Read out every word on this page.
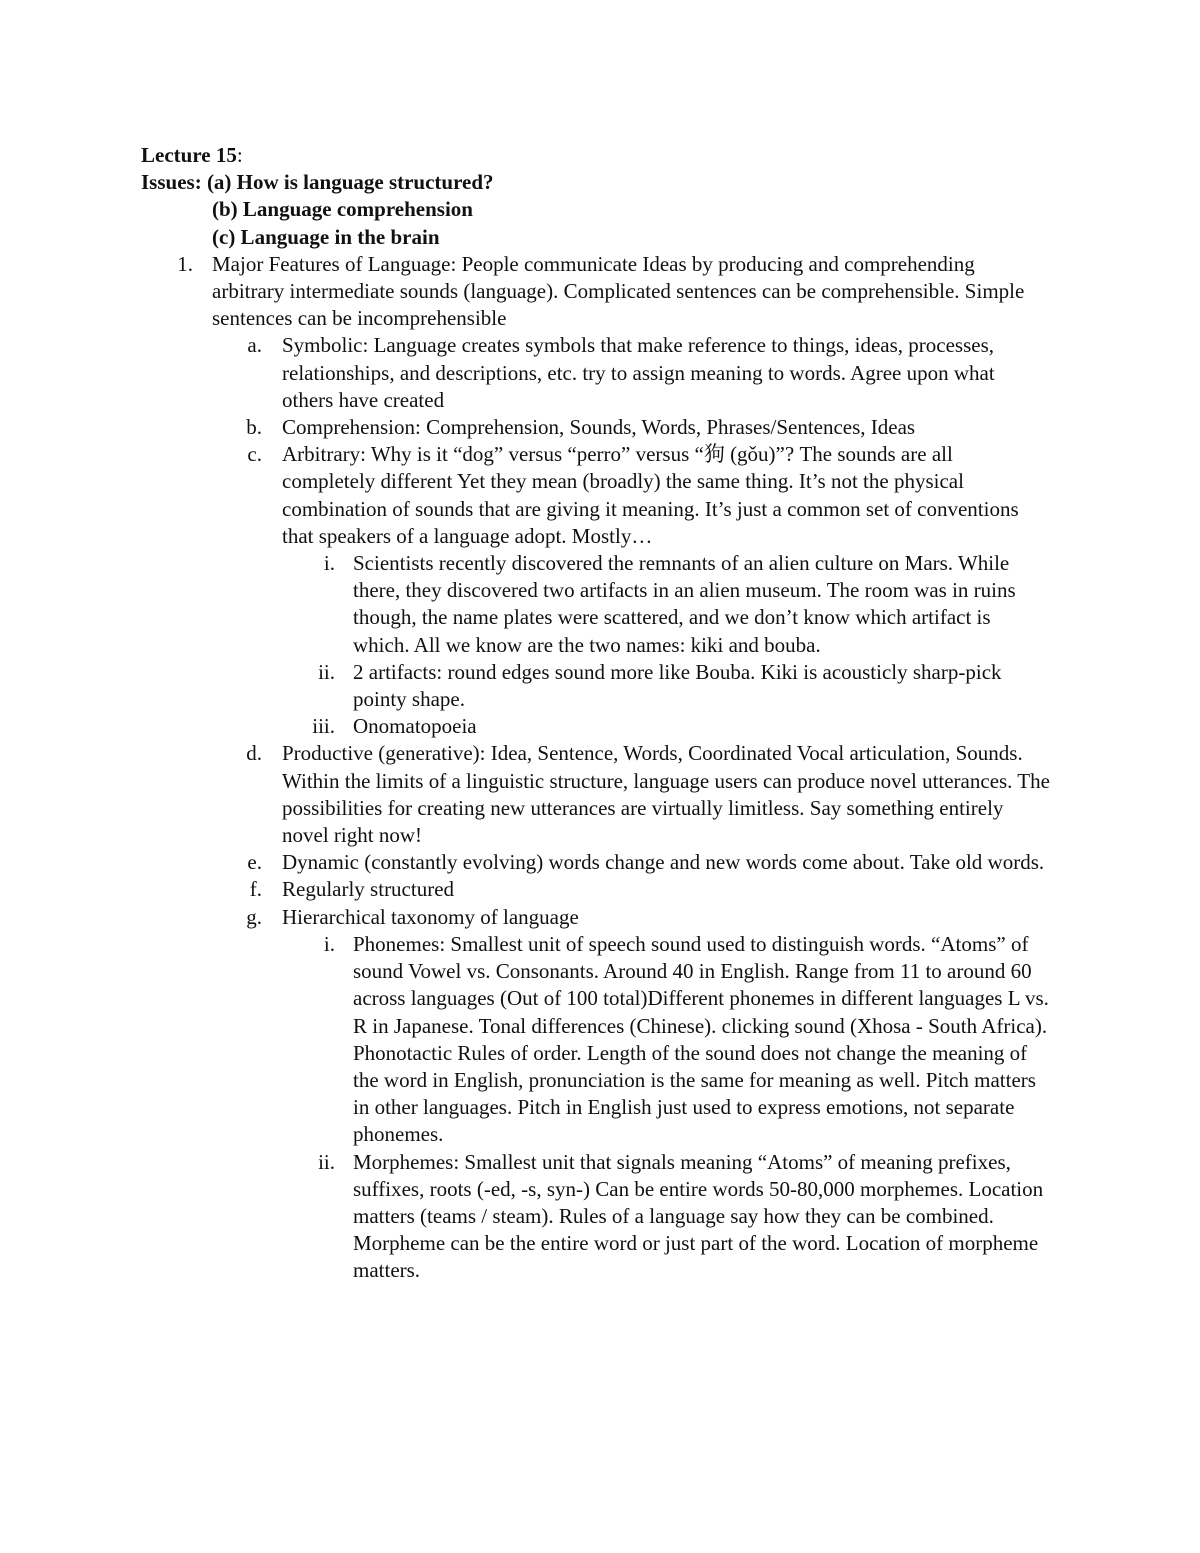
Lecture 15:
Issues: (a) How is language structured?
(b) Language comprehension
(c) Language in the brain
1. Major Features of Language: People communicate Ideas by producing and comprehending arbitrary intermediate sounds (language). Complicated sentences can be comprehensible. Simple sentences can be incomprehensible
a. Symbolic: Language creates symbols that make reference to things, ideas, processes, relationships, and descriptions, etc. try to assign meaning to words. Agree upon what others have created
b. Comprehension: Comprehension, Sounds, Words, Phrases/Sentences, Ideas
c. Arbitrary: Why is it “dog” versus “perro” versus “狗 (gǒu)”? The sounds are all completely different Yet they mean (broadly) the same thing. It’s not the physical combination of sounds that are giving it meaning. It’s just a common set of conventions that speakers of a language adopt. Mostly…
i. Scientists recently discovered the remnants of an alien culture on Mars. While there, they discovered two artifacts in an alien museum. The room was in ruins though, the name plates were scattered, and we don’t know which artifact is which. All we know are the two names: kiki and bouba.
ii. 2 artifacts: round edges sound more like Bouba. Kiki is acousticly sharp-pick pointy shape.
iii. Onomatopoeia
d. Productive (generative): Idea, Sentence, Words, Coordinated Vocal articulation, Sounds. Within the limits of a linguistic structure, language users can produce novel utterances. The possibilities for creating new utterances are virtually limitless. Say something entirely novel right now!
e. Dynamic (constantly evolving) words change and new words come about. Take old words.
f. Regularly structured
g. Hierarchical taxonomy of language
i. Phonemes: Smallest unit of speech sound used to distinguish words. “Atoms” of sound Vowel vs. Consonants. Around 40 in English. Range from 11 to around 60 across languages (Out of 100 total)Different phonemes in different languages L vs. R in Japanese. Tonal differences (Chinese). clicking sound (Xhosa - South Africa). Phonotactic Rules of order. Length of the sound does not change the meaning of the word in English, pronunciation is the same for meaning as well. Pitch matters in other languages. Pitch in English just used to express emotions, not separate phonemes.
ii. Morphemes: Smallest unit that signals meaning “Atoms” of meaning prefixes, suffixes, roots (-ed, -s, syn-) Can be entire words 50-80,000 morphemes. Location matters (teams / steam). Rules of a language say how they can be combined. Morpheme can be the entire word or just part of the word. Location of morpheme matters.
